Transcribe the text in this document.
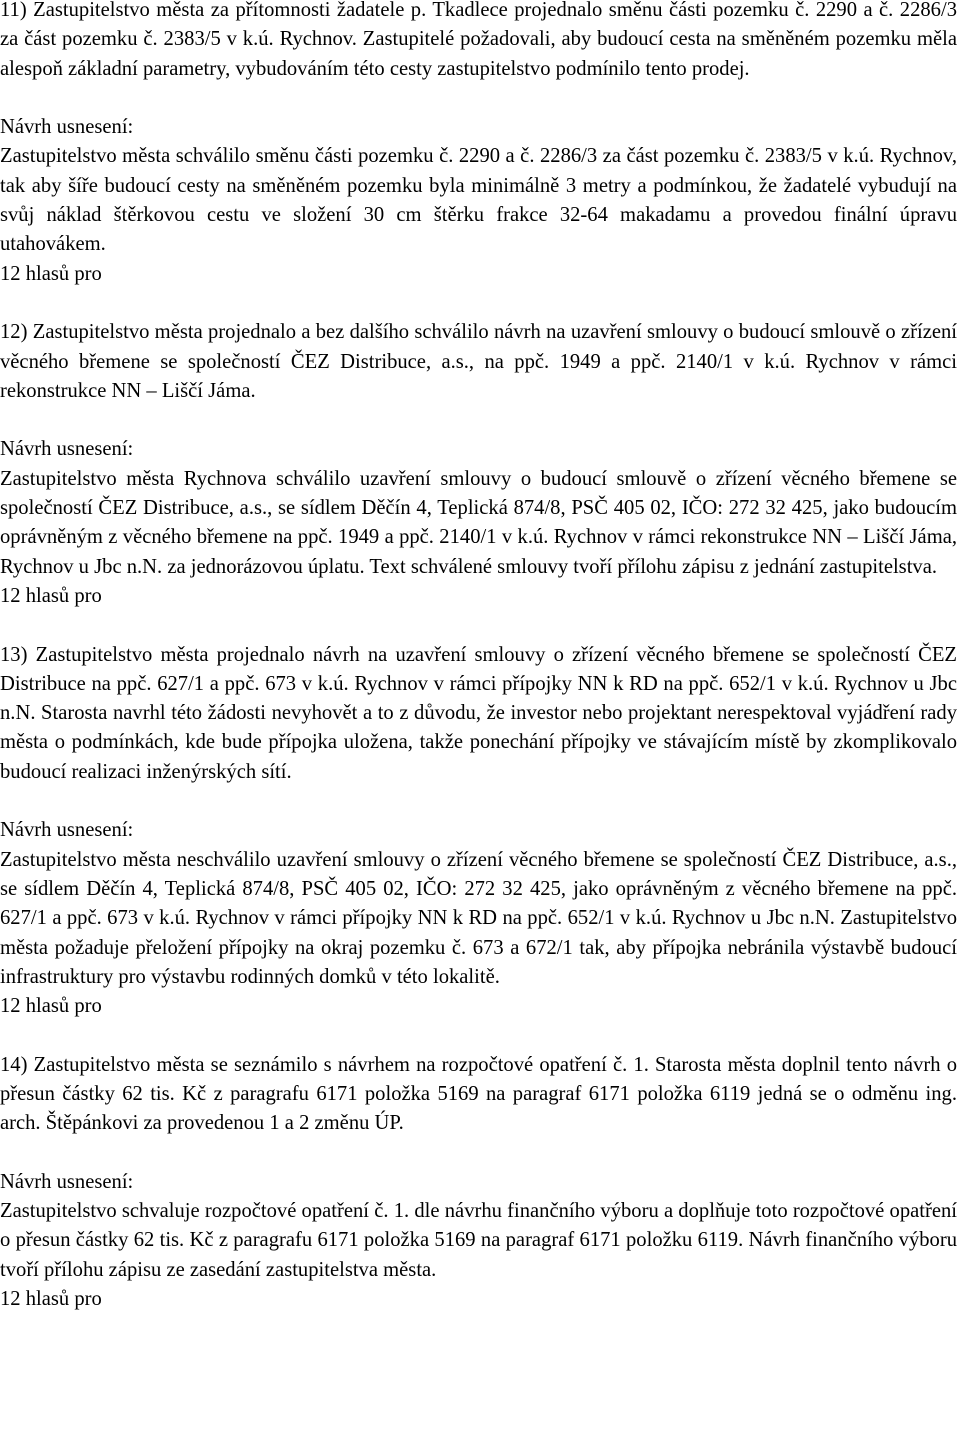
11) Zastupitelstvo města za přítomnosti žadatele p. Tkadlece projednalo směnu části pozemku č. 2290 a č. 2286/3 za část pozemku č. 2383/5 v k.ú. Rychnov. Zastupitelé požadovali, aby budoucí cesta na směněném pozemku měla alespoň základní parametry, vybudováním této cesty zastupitelstvo podmínilo tento prodej.

Návrh usnesení:

Zastupitelstvo města schválilo směnu části pozemku č. 2290 a č. 2286/3 za část pozemku č. 2383/5 v k.ú. Rychnov, tak aby šíře budoucí cesty na směněném pozemku byla minimálně 3 metry a podmínkou, že žadatelé vybudují na svůj náklad štěrkovou cestu ve složení 30 cm štěrku frakce 32-64 makadamu a provedou finální úpravu utahovákem.

12 hlasů pro

12) Zastupitelstvo města projednalo a bez dalšího schválilo návrh na uzavření smlouvy o budoucí smlouvě o zřízení věcného břemene se společností ČEZ Distribuce, a.s., na ppč. 1949 a ppč. 2140/1 v k.ú. Rychnov v rámci rekonstrukce NN – Liščí Jáma.

Návrh usnesení:

Zastupitelstvo města Rychnova schválilo uzavření smlouvy o budoucí smlouvě o zřízení věcného břemene se společností ČEZ Distribuce, a.s., se sídlem Děčín 4, Teplická 874/8, PSČ 405 02, IČO: 272 32 425, jako budoucím oprávněným z věcného břemene na ppč. 1949 a ppč. 2140/1 v k.ú. Rychnov v rámci rekonstrukce NN – Liščí Jáma, Rychnov u Jbc n.N. za jednorázovou úplatu. Text schválené smlouvy tvoří přílohu zápisu z jednání zastupitelstva.

12 hlasů pro

13) Zastupitelstvo města projednalo návrh na uzavření smlouvy o zřízení věcného břemene se společností ČEZ Distribuce na ppč. 627/1 a ppč. 673 v k.ú. Rychnov v rámci přípojky NN k RD na ppč. 652/1 v k.ú. Rychnov u Jbc n.N. Starosta navrhl této žádosti nevyhovět a to z důvodu, že investor nebo projektant nerespektoval vyjádření rady města o podmínkách, kde bude přípojka uložena, takže ponechání přípojky ve stávajícím místě by zkomplikovalo budoucí realizaci inženýrských sítí.

Návrh usnesení:

Zastupitelstvo města neschválilo uzavření smlouvy o zřízení věcného břemene se společností ČEZ Distribuce, a.s., se sídlem Děčín 4, Teplická 874/8, PSČ 405 02, IČO: 272 32 425, jako oprávněným z věcného břemene na ppč. 627/1 a ppč. 673 v k.ú. Rychnov v rámci přípojky NN k RD na ppč. 652/1 v k.ú. Rychnov u Jbc n.N. Zastupitelstvo města požaduje přeložení přípojky na okraj pozemku č. 673 a 672/1 tak, aby přípojka nebránila výstavbě budoucí infrastruktury pro výstavbu rodinných domků v této lokalitě.

12 hlasů pro

14) Zastupitelstvo města se seznámilo s návrhem na rozpočtové opatření č. 1. Starosta města doplnil tento návrh o přesun částky 62 tis. Kč z paragrafu 6171 položka 5169 na paragraf 6171 položka 6119 jedná se o odměnu ing. arch. Štěpánkovi za provedenou 1 a 2 změnu ÚP.

Návrh usnesení:

Zastupitelstvo schvaluje rozpočtové opatření č. 1. dle návrhu finančního výboru a doplňuje toto rozpočtové opatření o přesun částky 62 tis. Kč z paragrafu 6171 položka 5169 na paragraf 6171 položku 6119. Návrh finančního výboru tvoří přílohu zápisu ze zasedání zastupitelstva města.

12 hlasů pro
